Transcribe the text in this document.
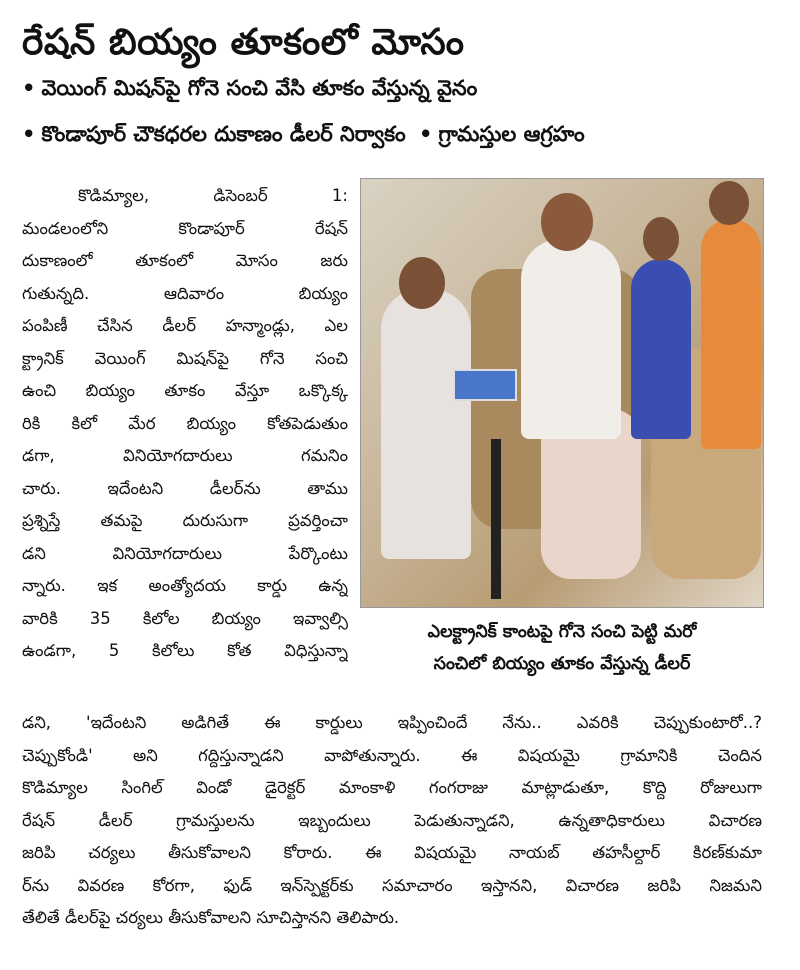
రేషన్ బియ్యం తూకంలో మోసం
• వెయింగ్ మిషన్‌పై గోనె సంచి వేసి తూకం వేస్తున్న వైనం
• కొండాపూర్ చౌకధరల దుకాణం డీలర్ నిర్వాకం • గ్రామస్తుల ఆగ్రహం
కొడిమ్యాల, డిసెంబర్ 1:
మండలంలోని కొండాపూర్ రేషన్
దుకాణంలో తూకంలో మోసం జరు
గుతున్నది. ఆదివారం బియ్యం
పంపిణీ చేసిన డీలర్ హన్మాండ్లు, ఎల
క్ట్రానిక్ వెయింగ్ మిషన్‌పై గోనె సంచి
ఉంచి బియ్యం తూకం వేస్తూ ఒక్కొక్క
రికి కిలో మేర బియ్యం కోతపెడుతుం
డగా, వినియోగదారులు గమనిం
చారు. ఇదేంటని డీలర్‌ను తాము
ప్రశ్నిస్తే తమపై దురుసుగా ప్రవర్తించా
డని వినియోగదారులు పేర్కొంటు
న్నారు. ఇక అంత్యోదయ కార్డు ఉన్న
వారికి 35 కిలోల బియ్యం ఇవ్వాల్సి
ఉండగా, 5 కిలోలు కోత విధిస్తున్నా
ఎలక్ట్రానిక్ కాంటపై గోనె సంచి పెట్టి మరో
సంచిలో బియ్యం తూకం వేస్తున్న డీలర్
డని, 'ఇదేంటని అడిగితే ఈ కార్డులు ఇప్పించిందే నేను.. ఎవరికి చెప్పుకుంటారో..?
చెప్పుకోండి' అని గద్దిస్తున్నాడని వాపోతున్నారు. ఈ విషయమై గ్రామానికి చెందిన
కొడిమ్యాల సింగిల్ విండో డైరెక్టర్ మాంకాళి గంగరాజు మాట్లాడుతూ, కొద్ది రోజులుగా
రేషన్ డీలర్ గ్రామస్తులను ఇబ్బందులు పెడుతున్నాడని, ఉన్నతాధికారులు విచారణ
జరిపి చర్యలు తీసుకోవాలని కోరారు. ఈ విషయమై నాయబ్ తహసీల్దార్ కిరణ్‌కుమా
ర్‌ను వివరణ కోరగా, ఫుడ్ ఇన్‌స్పెక్టర్‌కు సమాచారం ఇస్తానని, విచారణ జరిపి నిజమని
తేలితే డీలర్‌పై చర్యలు తీసుకోవాలని సూచిస్తానని తెలిపారు.
